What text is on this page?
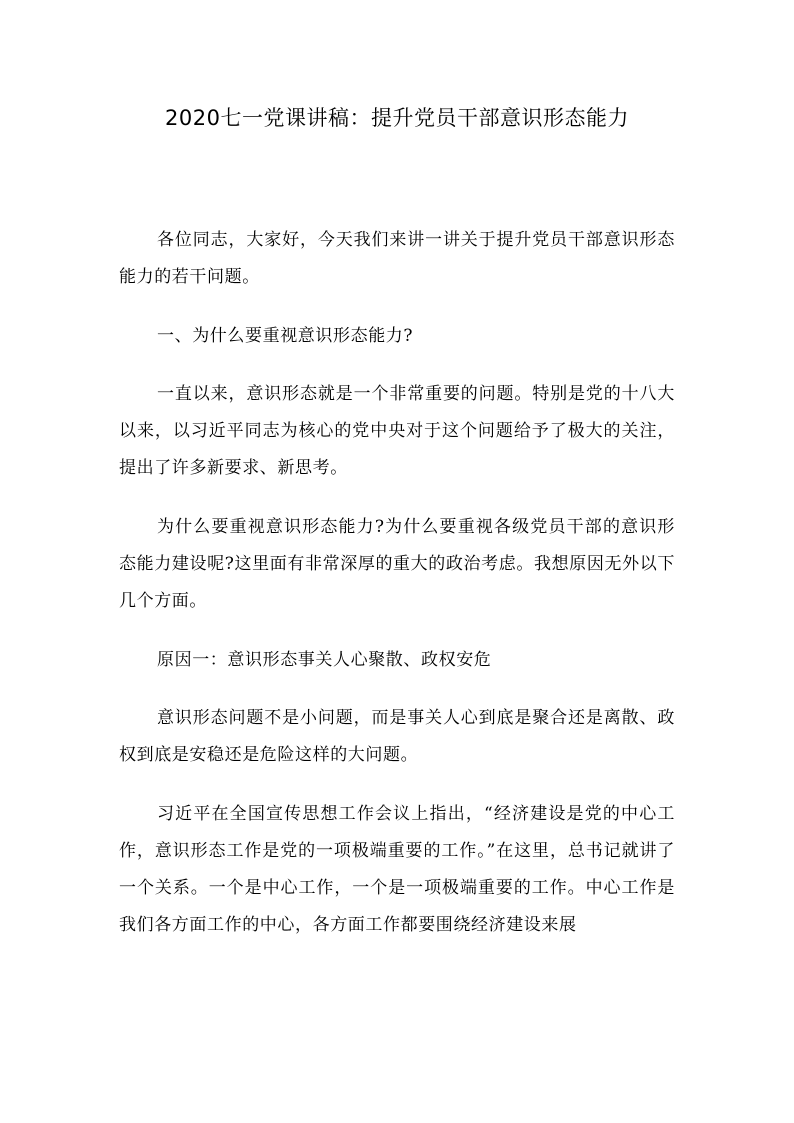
2020七一党课讲稿：提升党员干部意识形态能力

各位同志，大家好，今天我们来讲一讲关于提升党员干部意识形态能力的若干问题。

一、为什么要重视意识形态能力?

一直以来，意识形态就是一个非常重要的问题。特别是党的十八大以来，以习近平同志为核心的党中央对于这个问题给予了极大的关注，提出了许多新要求、新思考。

为什么要重视意识形态能力?为什么要重视各级党员干部的意识形态能力建设呢?这里面有非常深厚的重大的政治考虑。我想原因无外以下几个方面。

原因一：意识形态事关人心聚散、政权安危

意识形态问题不是小问题，而是事关人心到底是聚合还是离散、政权到底是安稳还是危险这样的大问题。

习近平在全国宣传思想工作会议上指出，“经济建设是党的中心工作，意识形态工作是党的一项极端重要的工作。”在这里，总书记就讲了一个关系。一个是中心工作，一个是一项极端重要的工作。中心工作是我们各方面工作的中心，各方面工作都要围绕经济建设来展
